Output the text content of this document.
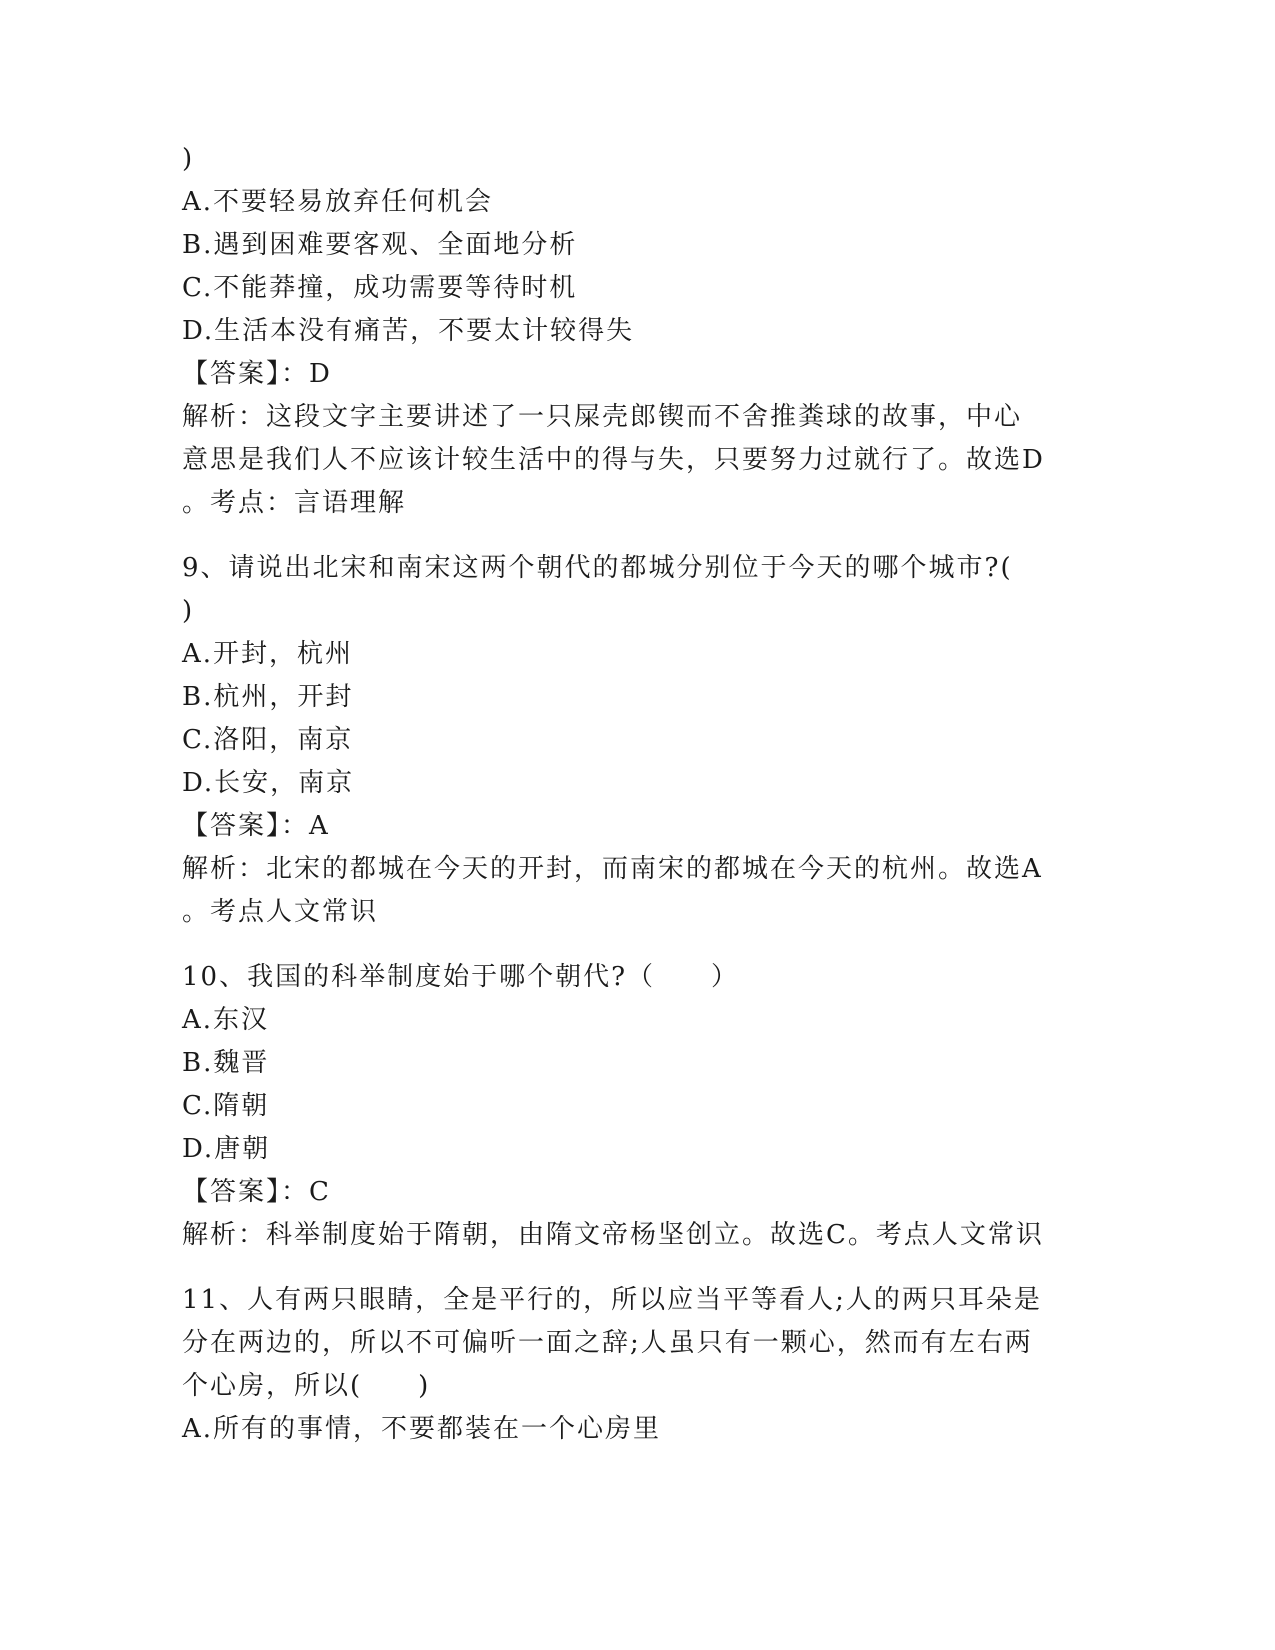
)
A.不要轻易放弃任何机会
B.遇到困难要客观、全面地分析
C.不能莽撞，成功需要等待时机
D.生活本没有痛苦，不要太计较得失
【答案】：D
解析：这段文字主要讲述了一只屎壳郎锲而不舍推粪球的故事，中心
意思是我们人不应该计较生活中的得与失，只要努力过就行了。故选D
。考点：言语理解
9、请说出北宋和南宋这两个朝代的都城分别位于今天的哪个城市?(
)
A.开封，杭州
B.杭州，开封
C.洛阳，南京
D.长安，南京
【答案】：A
解析：北宋的都城在今天的开封，而南宋的都城在今天的杭州。故选A
。考点人文常识
10、我国的科举制度始于哪个朝代?（　　）
A.东汉
B.魏晋
C.隋朝
D.唐朝
【答案】：C
解析：科举制度始于隋朝，由隋文帝杨坚创立。故选C。考点人文常识
11、人有两只眼睛，全是平行的，所以应当平等看人;人的两只耳朵是
分在两边的，所以不可偏听一面之辞;人虽只有一颗心，然而有左右两
个心房，所以(　　)
A.所有的事情，不要都装在一个心房里
